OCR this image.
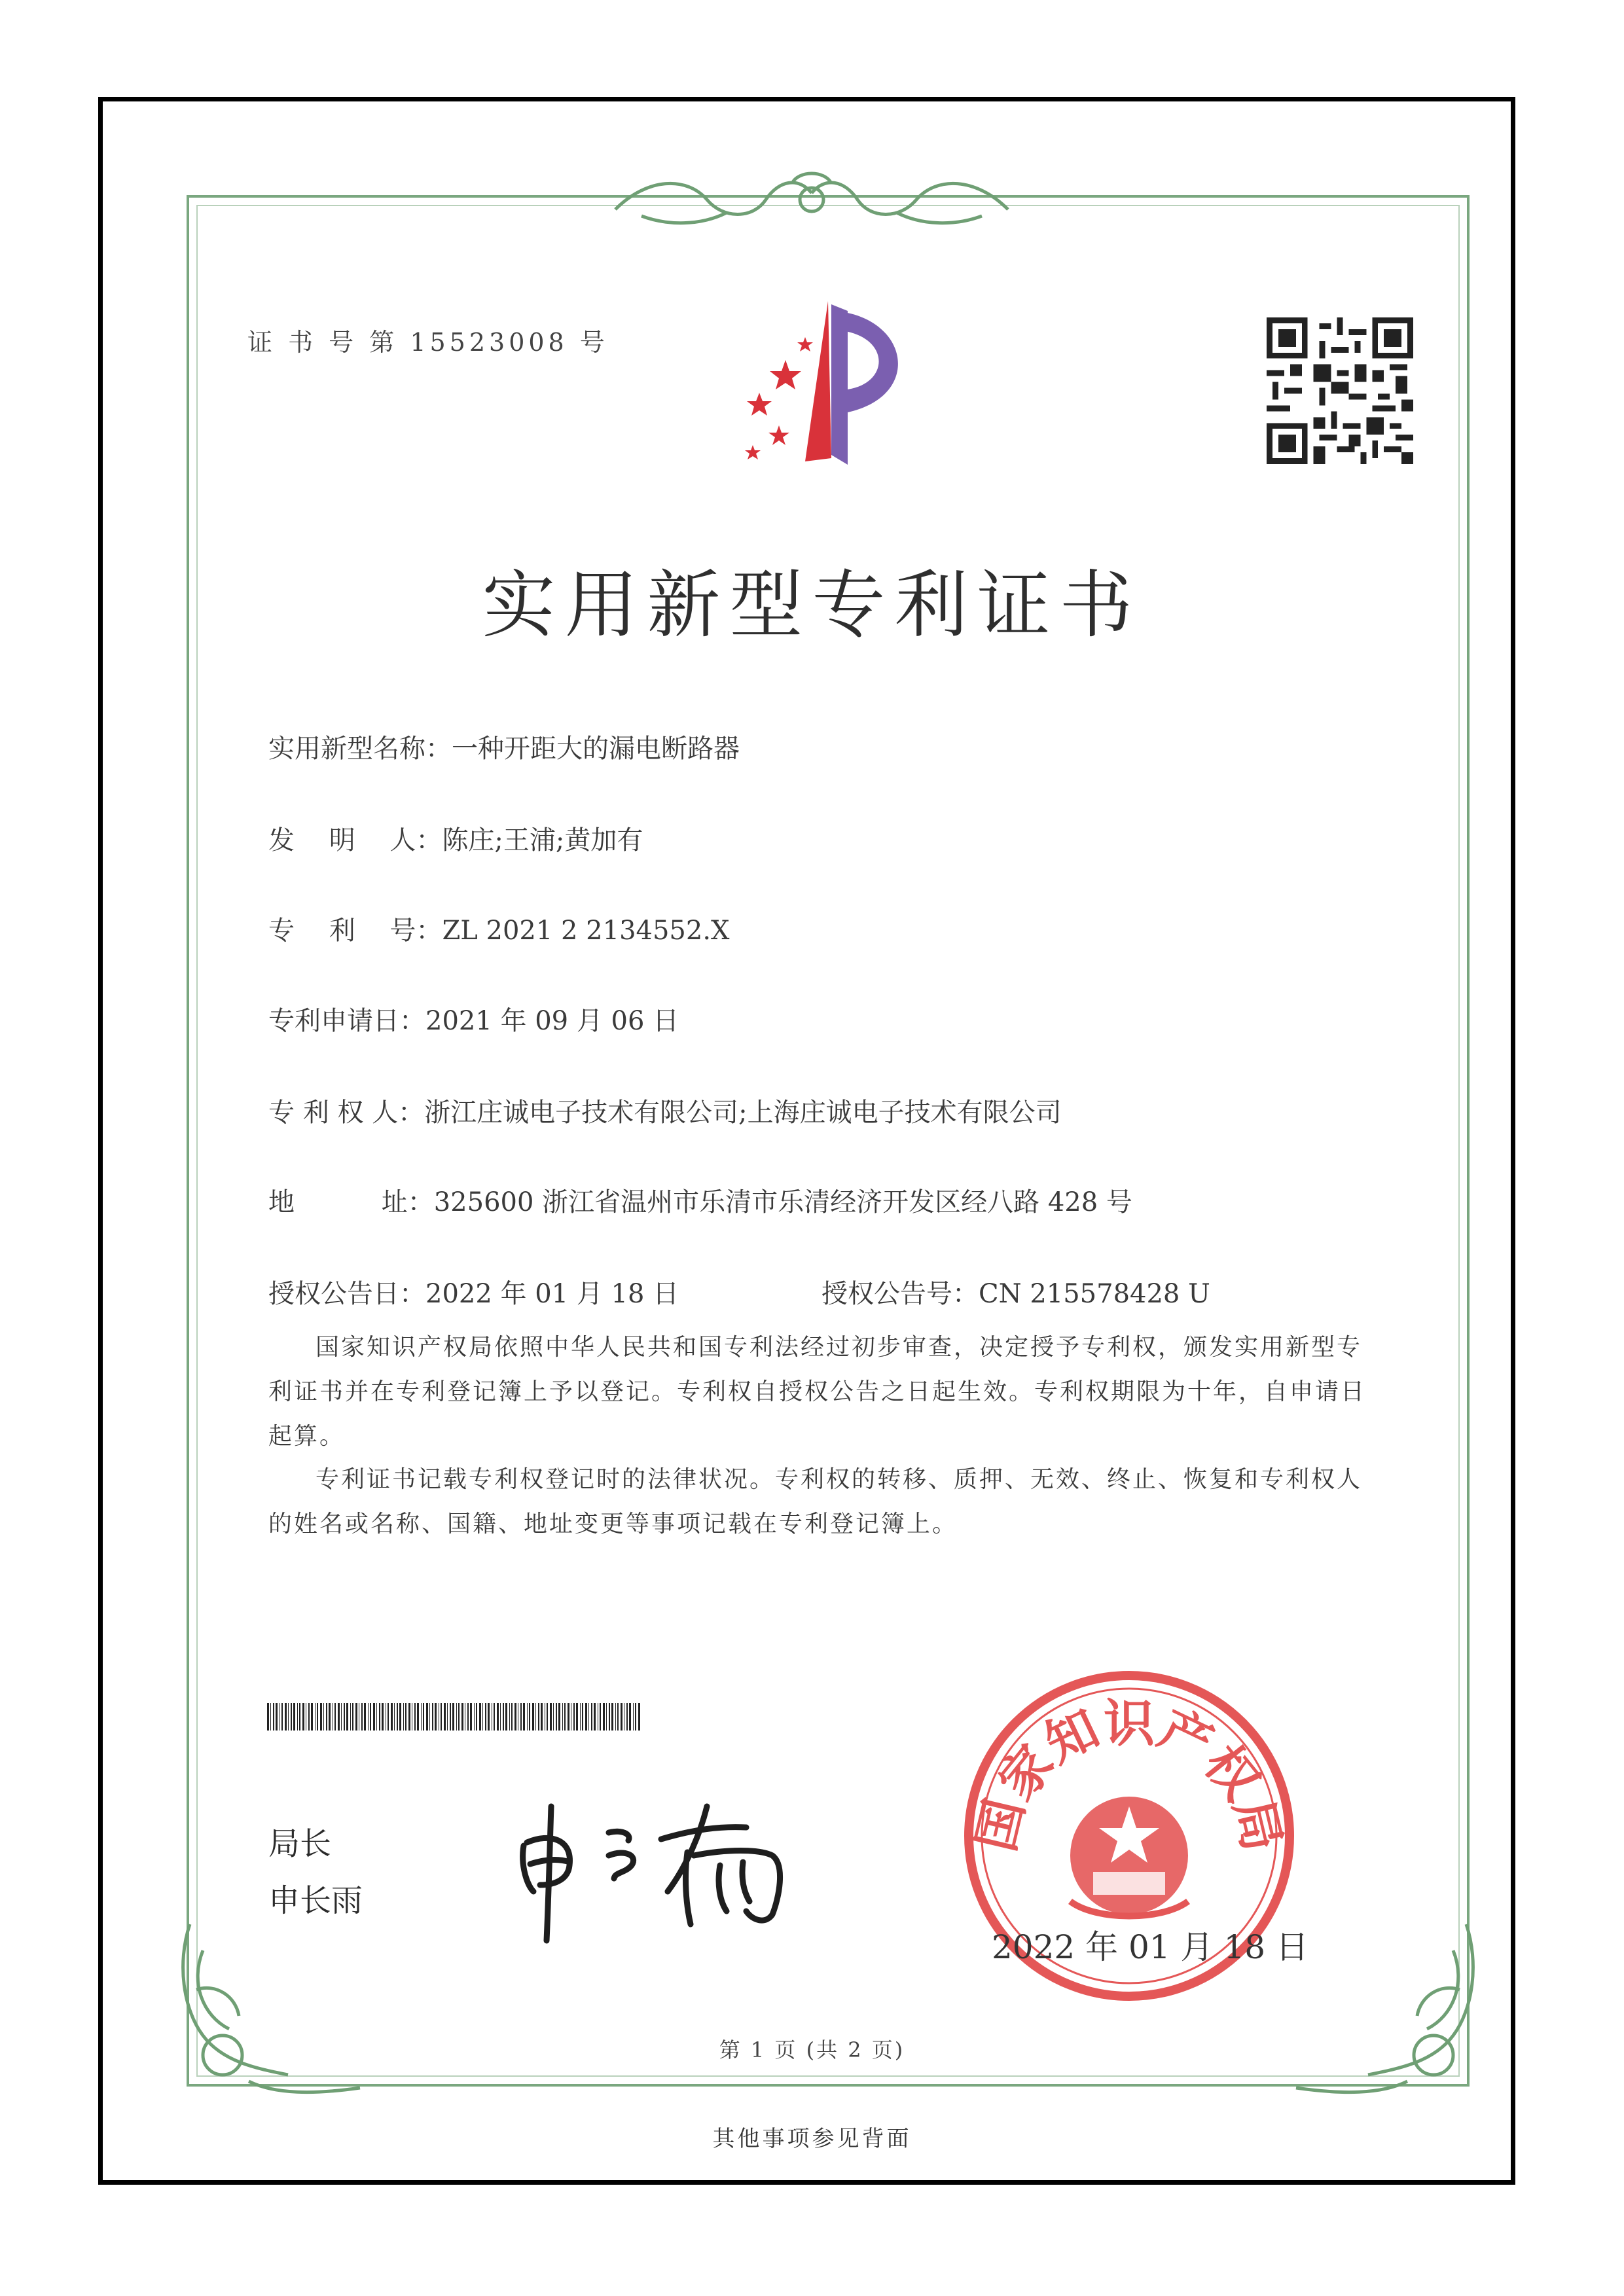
证 书 号 第 15523008 号
实用新型专利证书
实用新型名称：一种开距大的漏电断路器
发　 明　 人：陈庄;王浦;黄加有
专　 利　 号：ZL 2021 2 2134552.X
专利申请日：2021 年 09 月 06 日
专 利 权 人：浙江庄诚电子技术有限公司;上海庄诚电子技术有限公司
地　　　 址：325600 浙江省温州市乐清市乐清经济开发区经八路 428 号
授权公告日：2022 年 01 月 18 日	授权公告号：CN 215578428 U
国家知识产权局依照中华人民共和国专利法经过初步审查，决定授予专利权，颁发实用新型专利证书并在专利登记簿上予以登记。专利权自授权公告之日起生效。专利权期限为十年，自申请日起算。
专利证书记载专利权登记时的法律状况。专利权的转移、质押、无效、终止、恢复和专利权人的姓名或名称、国籍、地址变更等事项记载在专利登记簿上。
局长
申长雨
国家知识产权局
2022 年 01 月 18 日
第 1 页 (共 2 页)
其他事项参见背面
